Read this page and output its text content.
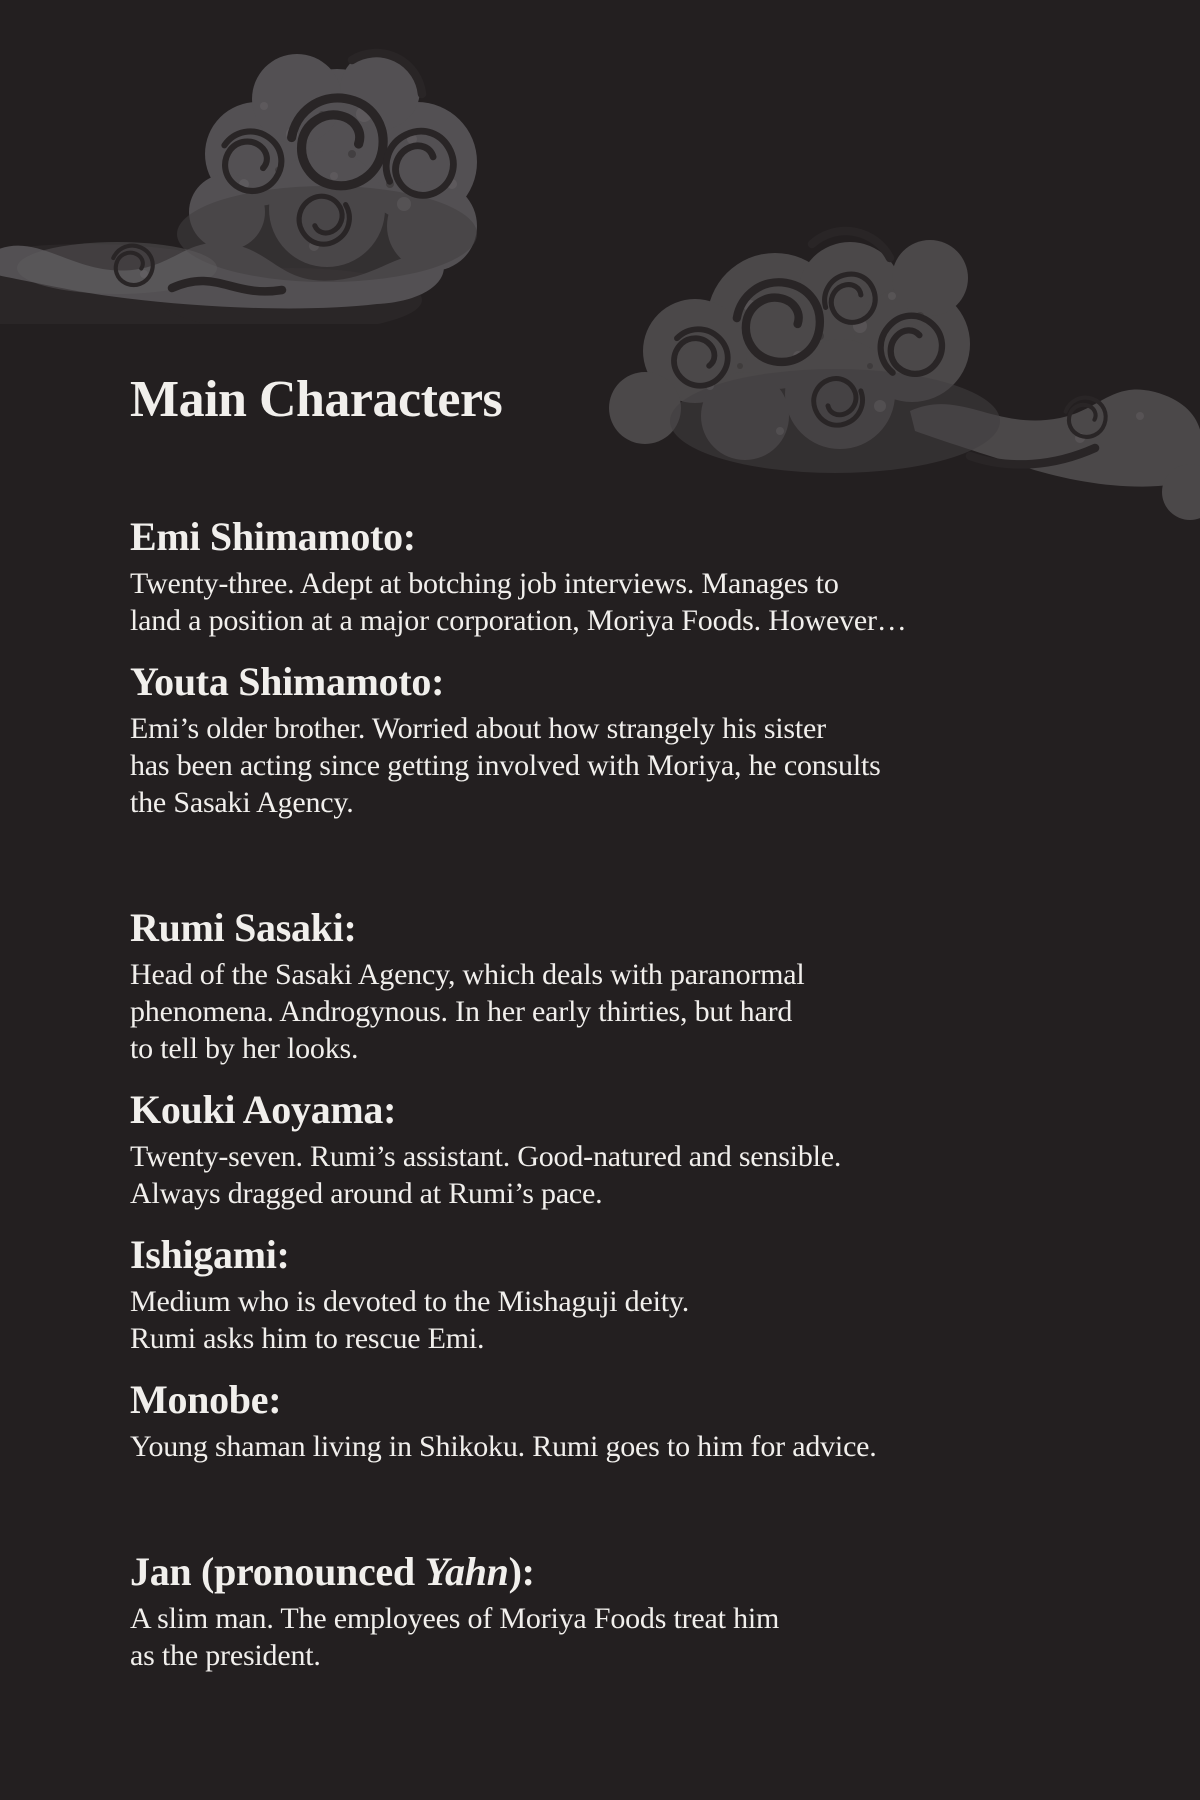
Main Characters
Emi Shimamoto:
Twenty-three. Adept at botching job interviews. Manages to
land a position at a major corporation, Moriya Foods. However…
Youta Shimamoto:
Emi’s older brother. Worried about how strangely his sister
has been acting since getting involved with Moriya, he consults
the Sasaki Agency.
Rumi Sasaki:
Head of the Sasaki Agency, which deals with paranormal
phenomena. Androgynous. In her early thirties, but hard
to tell by her looks.
Kouki Aoyama:
Twenty-seven. Rumi’s assistant. Good-natured and sensible.
Always dragged around at Rumi’s pace.
Ishigami:
Medium who is devoted to the Mishaguji deity.
Rumi asks him to rescue Emi.
Monobe:
Young shaman living in Shikoku. Rumi goes to him for advice.
Jan (pronounced Yahn):
A slim man. The employees of Moriya Foods treat him
as the president.
